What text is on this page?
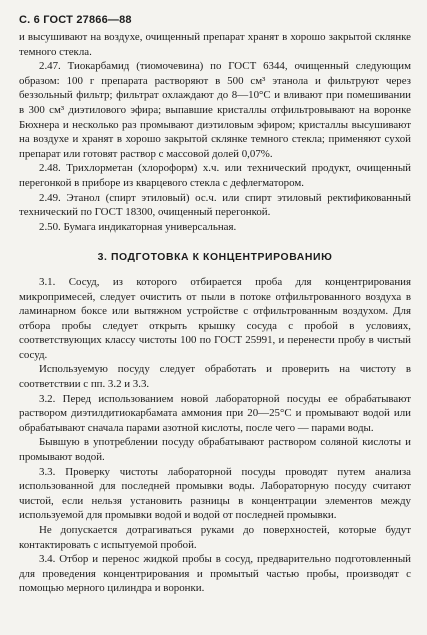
С. 6 ГОСТ 27866—88

и высушивают на воздухе, очищенный препарат хранят в хорошо закрытой склянке темного стекла.

2.47. Тиокарбамид (тиомочевина) по ГОСТ 6344, очищенный следующим образом: 100 г препарата растворяют в 500 см³ этанола и фильтруют через беззольный фильтр; фильтрат охлаждают до 8—10°С и вливают при помешивании в 300 см³ диэтилового эфира; выпавшие кристаллы отфильтровывают на воронке Бюхнера и несколько раз промывают диэтиловым эфиром; кристаллы высушивают на воздухе и хранят в хорошо закрытой склянке темного стекла; применяют сухой препарат или готовят раствор с массовой долей 0,07%.

2.48. Трихлорметан (хлороформ) х.ч. или технический продукт, очищенный перегонкой в приборе из кварцевого стекла с дефлегматором.

2.49. Этанол (спирт этиловый) ос.ч. или спирт этиловый ректификованный технический по ГОСТ 18300, очищенный перегонкой.

2.50. Бумага индикаторная универсальная.

3. ПОДГОТОВКА К КОНЦЕНТРИРОВАНИЮ

3.1. Сосуд, из которого отбирается проба для концентрирования микропримесей, следует очистить от пыли в потоке отфильтрованного воздуха в ламинарном боксе или вытяжном устройстве с отфильтрованным воздухом. Для отбора пробы следует открыть крышку сосуда с пробой в условиях, соответствующих классу чистоты 100 по ГОСТ 25991, и перенести пробу в чистый сосуд.

Используемую посуду следует обработать и проверить на чистоту в соответствии с пп. 3.2 и 3.3.

3.2. Перед использованием новой лабораторной посуды ее обрабатывают раствором диэтилдитиокарбамата аммония при 20—25°С и промывают водой или обрабатывают сначала парами азотной кислоты, после чего — парами воды.

Бывшую в употреблении посуду обрабатывают раствором соляной кислоты и промывают водой.

3.3. Проверку чистоты лабораторной посуды проводят путем анализа использованной для последней промывки воды. Лабораторную посуду считают чистой, если нельзя установить разницы в концентрации элементов между используемой для промывки водой и водой от последней промывки.

Не допускается дотрагиваться руками до поверхностей, которые будут контактировать с испытуемой пробой.

3.4. Отбор и перенос жидкой пробы в сосуд, предварительно подготовленный для проведения концентрирования и промытый частью пробы, производят с помощью мерного цилиндра и воронки.
